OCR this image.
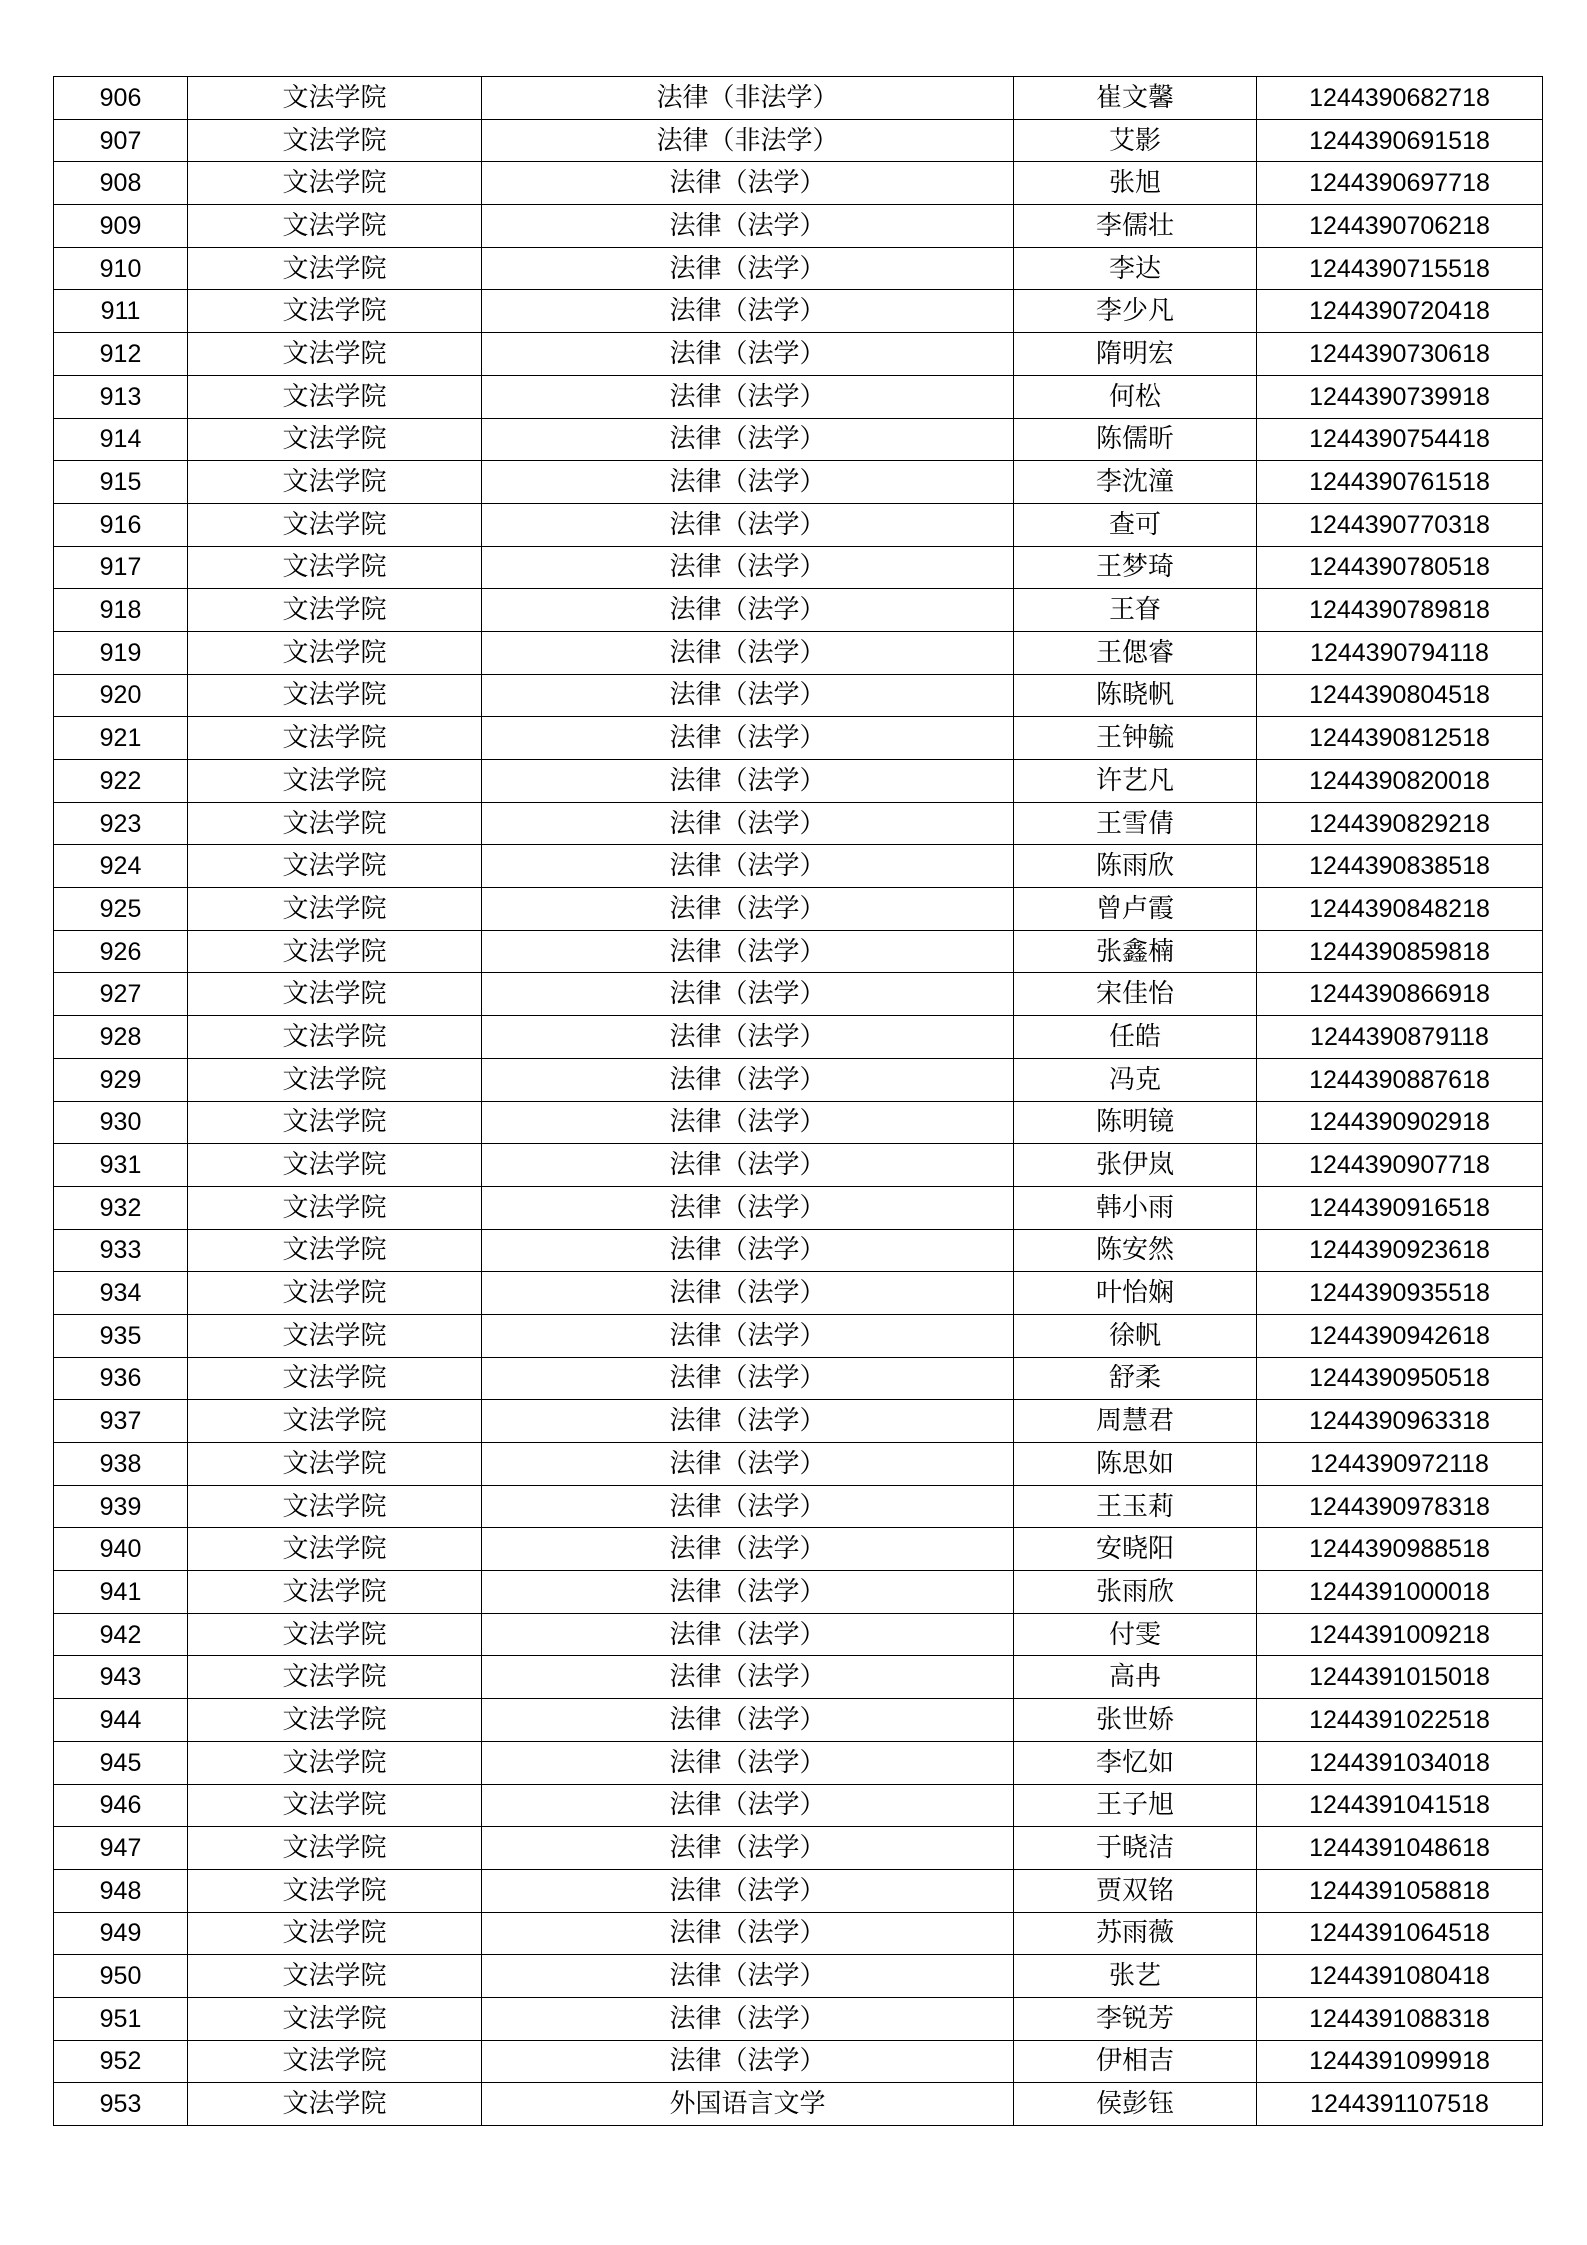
906	文法学院	法律（非法学）	崔文馨	1244390682718
907	文法学院	法律（非法学）	艾影	1244390691518
908	文法学院	法律（法学）	张旭	1244390697718
909	文法学院	法律（法学）	李儒壮	1244390706218
910	文法学院	法律（法学）	李达	1244390715518
911	文法学院	法律（法学）	李少凡	1244390720418
912	文法学院	法律（法学）	隋明宏	1244390730618
913	文法学院	法律（法学）	何松	1244390739918
914	文法学院	法律（法学）	陈儒昕	1244390754418
915	文法学院	法律（法学）	李沈潼	1244390761518
916	文法学院	法律（法学）	查可	1244390770318
917	文法学院	法律（法学）	王梦琦	1244390780518
918	文法学院	法律（法学）	王眘	1244390789818
919	文法学院	法律（法学）	王偲睿	1244390794118
920	文法学院	法律（法学）	陈晓帆	1244390804518
921	文法学院	法律（法学）	王钟毓	1244390812518
922	文法学院	法律（法学）	许艺凡	1244390820018
923	文法学院	法律（法学）	王雪倩	1244390829218
924	文法学院	法律（法学）	陈雨欣	1244390838518
925	文法学院	法律（法学）	曾卢霞	1244390848218
926	文法学院	法律（法学）	张鑫楠	1244390859818
927	文法学院	法律（法学）	宋佳怡	1244390866918
928	文法学院	法律（法学）	任皓	1244390879118
929	文法学院	法律（法学）	冯克	1244390887618
930	文法学院	法律（法学）	陈明镜	1244390902918
931	文法学院	法律（法学）	张伊岚	1244390907718
932	文法学院	法律（法学）	韩小雨	1244390916518
933	文法学院	法律（法学）	陈安然	1244390923618
934	文法学院	法律（法学）	叶怡娴	1244390935518
935	文法学院	法律（法学）	徐帆	1244390942618
936	文法学院	法律（法学）	舒柔	1244390950518
937	文法学院	法律（法学）	周慧君	1244390963318
938	文法学院	法律（法学）	陈思如	1244390972118
939	文法学院	法律（法学）	王玉莉	1244390978318
940	文法学院	法律（法学）	安晓阳	1244390988518
941	文法学院	法律（法学）	张雨欣	1244391000018
942	文法学院	法律（法学）	付雯	1244391009218
943	文法学院	法律（法学）	高冉	1244391015018
944	文法学院	法律（法学）	张世娇	1244391022518
945	文法学院	法律（法学）	李忆如	1244391034018
946	文法学院	法律（法学）	王子旭	1244391041518
947	文法学院	法律（法学）	于晓洁	1244391048618
948	文法学院	法律（法学）	贾双铭	1244391058818
949	文法学院	法律（法学）	苏雨薇	1244391064518
950	文法学院	法律（法学）	张艺	1244391080418
951	文法学院	法律（法学）	李锐芳	1244391088318
952	文法学院	法律（法学）	伊相吉	1244391099918
953	文法学院	外国语言文学	侯彭钰	1244391107518
